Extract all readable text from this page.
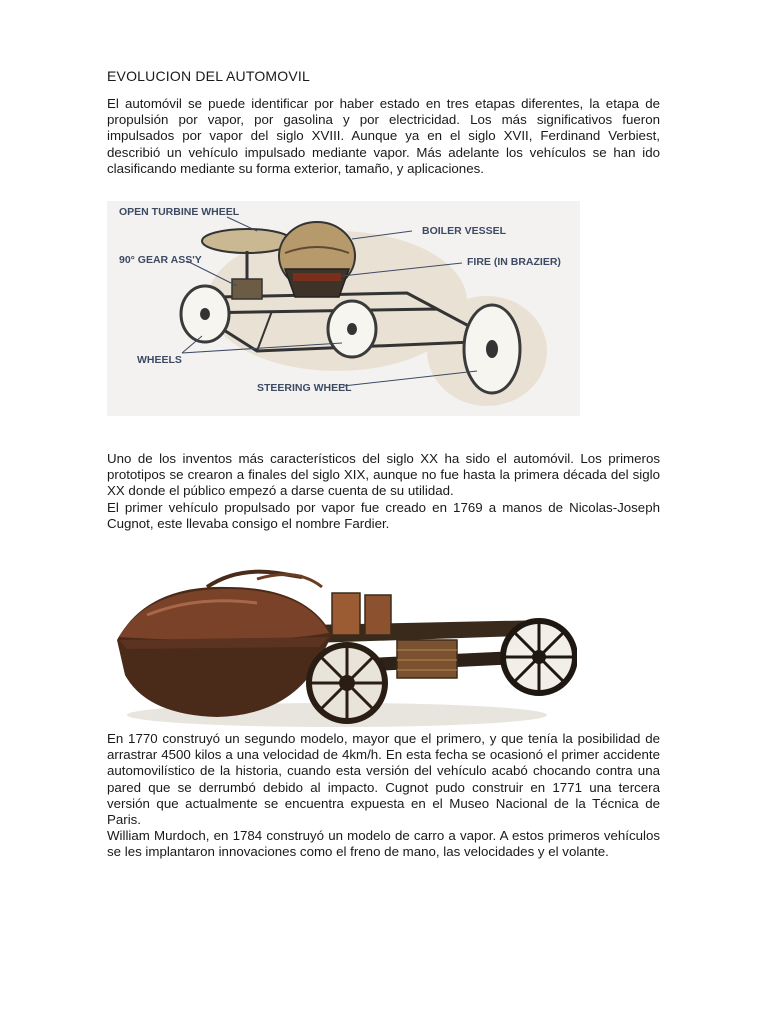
EVOLUCION DEL AUTOMOVIL

El automóvil se puede identificar por haber estado en tres etapas diferentes, la etapa de propulsión por vapor, por gasolina y por electricidad. Los más significativos fueron impulsados por vapor del siglo XVIII. Aunque ya en el siglo XVII, Ferdinand Verbiest, describió un vehículo impulsado mediante vapor. Más adelante los vehículos se han ido clasificando mediante su forma exterior, tamaño, y aplicaciones.

OPEN TURBINE WHEEL
BOILER VESSEL
90° GEAR ASS'Y	FIRE (IN BRAZIER)
WHEELS
STEERING WHEEL

Uno de los inventos más característicos del siglo XX ha sido el automóvil. Los primeros prototipos se crearon a finales del siglo XIX, aunque no fue hasta la primera década del siglo XX donde el público empezó a darse cuenta de su utilidad.

El primer vehículo propulsado por vapor fue creado en 1769 a manos de Nicolas-Joseph Cugnot, este llevaba consigo el nombre Fardier.

En 1770 construyó un segundo modelo, mayor que el primero, y que tenía la posibilidad de arrastrar 4500 kilos a una velocidad de 4km/h. En esta fecha se ocasionó el primer accidente automovilístico de la historia, cuando esta versión del vehículo acabó chocando contra una pared que se derrumbó debido al impacto. Cugnot pudo construir en 1771 una tercera versión que actualmente se encuentra expuesta en el Museo Nacional de la Técnica de Paris.

William Murdoch, en 1784 construyó un modelo de carro a vapor. A estos primeros vehículos se les implantaron innovaciones como el freno de mano, las velocidades y el volante.
